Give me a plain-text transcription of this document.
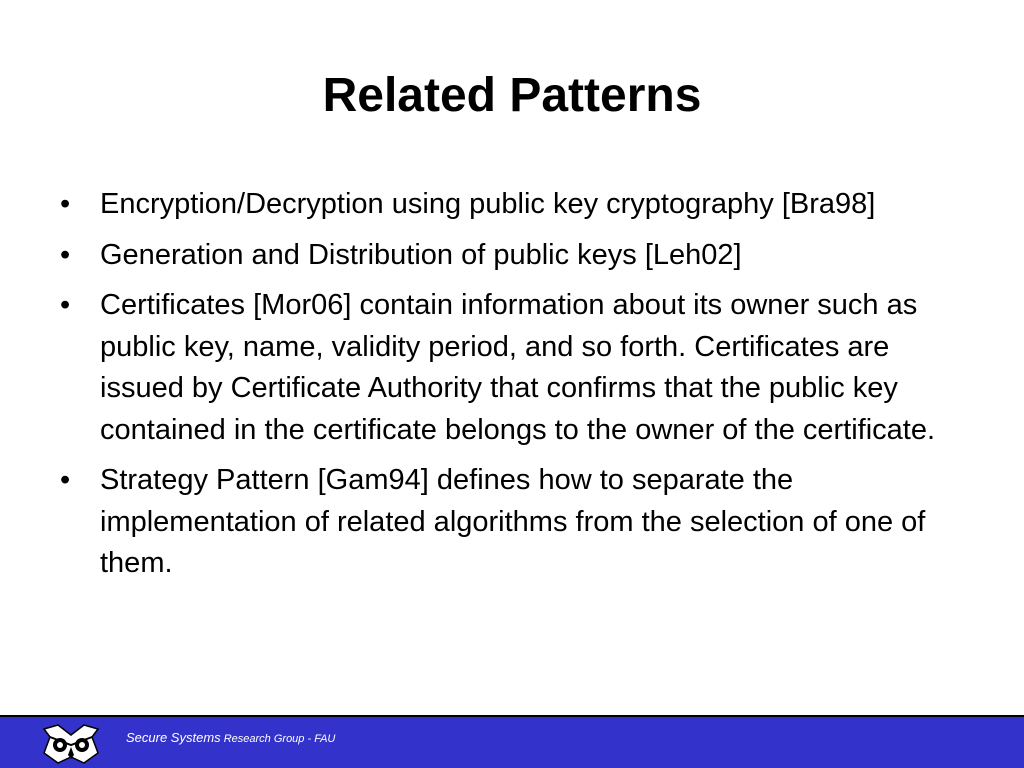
Related Patterns
• Encryption/Decryption using public key cryptography [Bra98]
• Generation and Distribution of public keys [Leh02]
• Certificates [Mor06] contain information about its owner such as public key, name, validity period, and so forth. Certificates are issued by Certificate Authority that confirms that the public key contained in the certificate belongs to the owner of the certificate.
• Strategy Pattern [Gam94] defines how to separate the implementation of related algorithms from the selection of one of them.
Secure Systems Research Group - FAU
